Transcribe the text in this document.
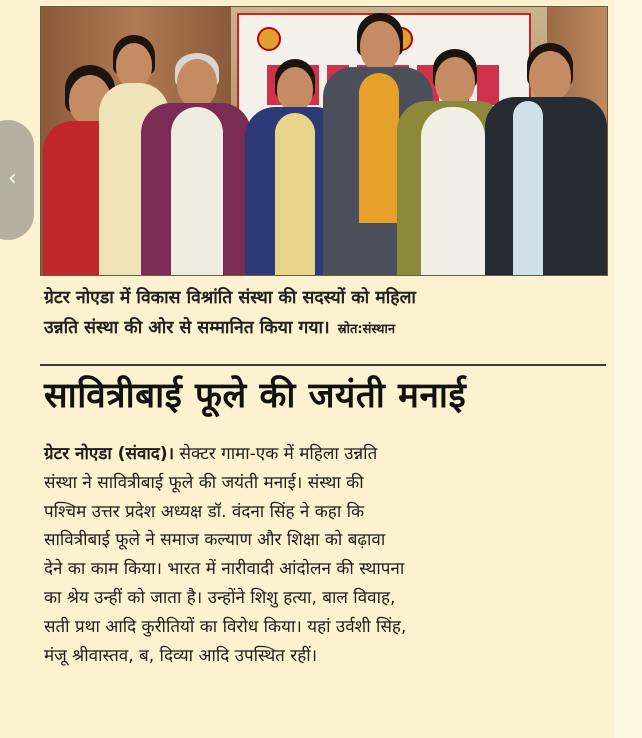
‹
ग्रेटर नोएडा में विकास विश्रांति संस्था की सदस्यों को महिला
उन्नति संस्था की ओर से सम्मानित किया गया। स्रोत:संस्थान
सावित्रीबाई फूले की जयंती मनाई
ग्रेटर नोएडा (संवाद)। सेक्टर गामा-एक में महिला उन्नति
संस्था ने सावित्रीबाई फूले की जयंती मनाई। संस्था की
पश्चिम उत्तर प्रदेश अध्यक्ष डॉ. वंदना सिंह ने कहा कि
सावित्रीबाई फूले ने समाज कल्याण और शिक्षा को बढ़ावा
देने का काम किया। भारत में नारीवादी आंदोलन की स्थापना
का श्रेय उन्हीं को जाता है। उन्होंने शिशु हत्या, बाल विवाह,
सती प्रथा आदि कुरीतियों का विरोध किया। यहां उर्वशी सिंह,
मंजू श्रीवास्तव, ब, दिव्या आदि उपस्थित रहीं।
